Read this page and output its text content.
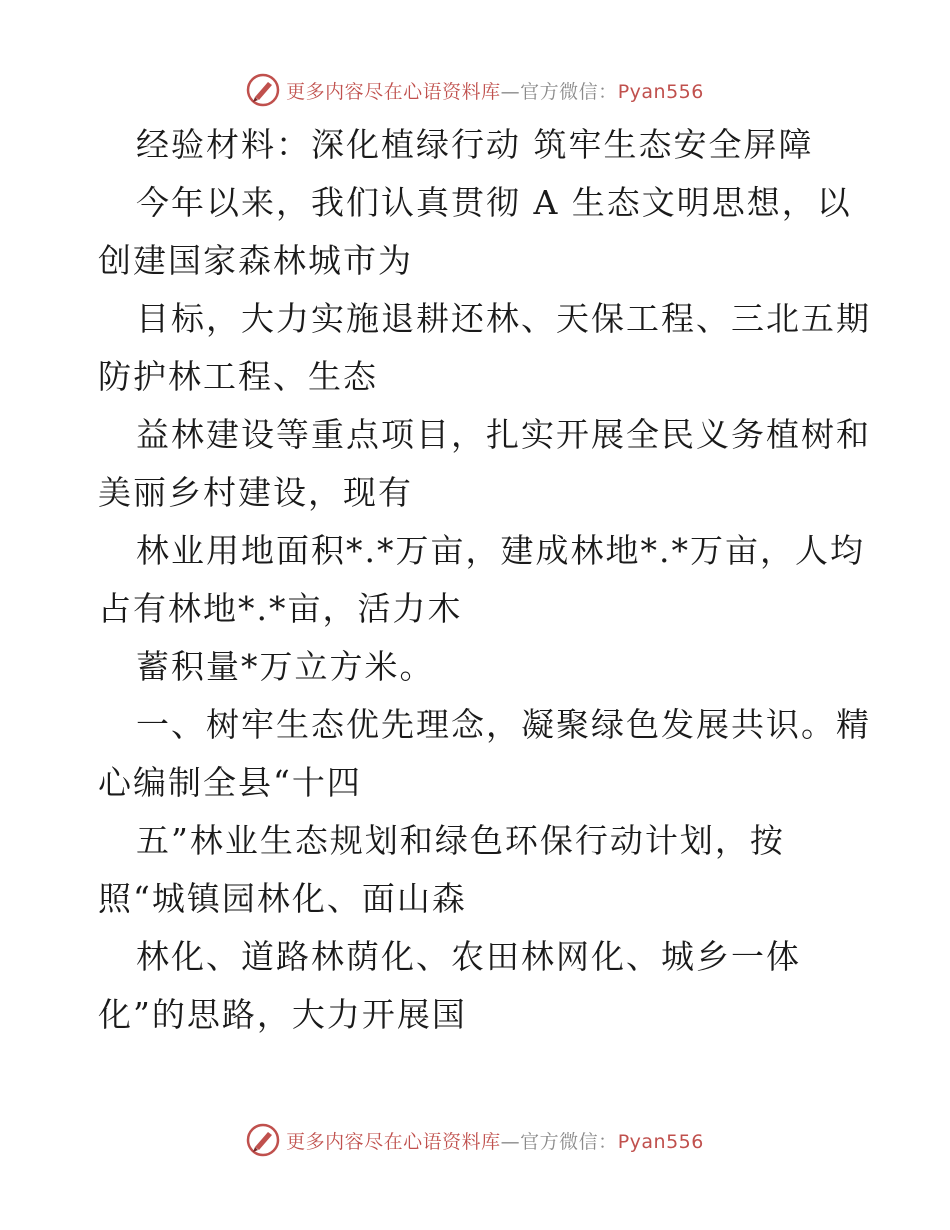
更多内容尽在心语资料库—官方微信：Pyan556
经验材料：深化植绿行动 筑牢生态安全屏障
今年以来，我们认真贯彻 A 生态文明思想，以
创建国家森林城市为
目标，大力实施退耕还林、天保工程、三北五期
防护林工程、生态
益林建设等重点项目，扎实开展全民义务植树和
美丽乡村建设，现有
林业用地面积*.*万亩，建成林地*.*万亩，人均
占有林地*.*亩，活力木
蓄积量*万立方米。
一、树牢生态优先理念，凝聚绿色发展共识。精
心编制全县“十四
五”林业生态规划和绿色环保行动计划，按
照“城镇园林化、面山森
林化、道路林荫化、农田林网化、城乡一体
化”的思路，大力开展国
更多内容尽在心语资料库—官方微信：Pyan556
